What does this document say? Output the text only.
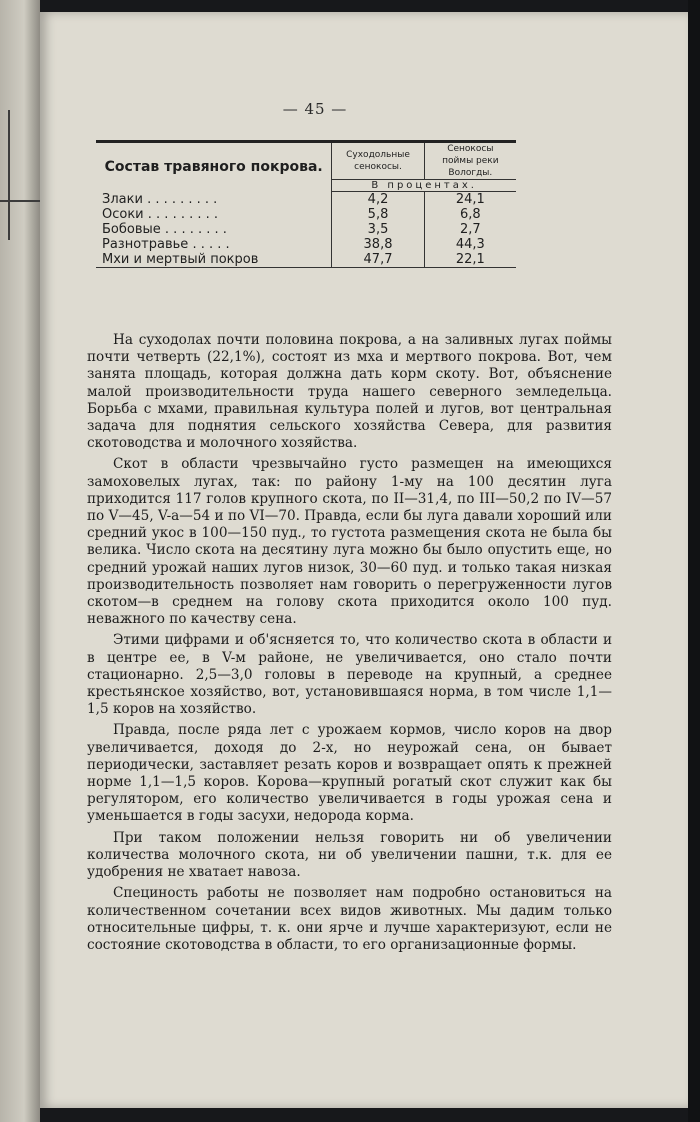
— 45 —
Состав травяного покрова.	Суходольные сенокосы.	Сенокосы поймы реки Вологды.
	В процентах.	
Злаки . . . . . . . . .	4,2	24,1
Осоки . . . . . . . . .	5,8	6,8
Бобовые . . . . . . . .	3,5	2,7
Разнотравье . . . . .	38,8	44,3
Мхи и мертвый покров	47,7	22,1

На суходолах почти половина покрова, а на заливных лугах поймы почти четверть (22,1%), состоят из мха и мертвого покрова. Вот, чем занята площадь, которая должна дать корм скоту. Вот, объяснение малой производительности труда нашего северного земледельца. Борьба с мхами, правильная культура полей и лугов, вот центральная задача для поднятия сельского хозяйства Севера, для развития скотоводства и молочного хозяйства.

Скот в области чрезвычайно густо размещен на имеющихся замоховелых лугах, так: по району 1-му на 100 десятин луга приходится 117 голов крупного скота, по II—31,4, по III—50,2 по IV—57 по V—45, V-а—54 и по VI—70. Правда, если бы луга давали хороший или средний укос в 100—150 пуд., то густота размещения скота не была бы велика. Число скота на десятину луга можно бы было опустить еще, но средний урожай наших лугов низок, 30—60 пуд. и только такая низкая производительность позволяет нам говорить о перегруженности лугов скотом—в среднем на голову скота приходится около 100 пуд. неважного по качеству сена.

Этими цифрами и об'ясняется то, что количество скота в области и в центре ее, в V-м районе, не увеличивается, оно стало почти стационарно. 2,5—3,0 головы в переводе на крупный, а среднее крестьянское хозяйство, вот, установившаяся норма, в том числе 1,1—1,5 коров на хозяйство.

Правда, после ряда лет с урожаем кормов, число коров на двор увеличивается, доходя до 2-х, но неурожай сена, он бывает периодически, заставляет резать коров и возвращает опять к прежней норме 1,1—1,5 коров. Корова—крупный рогатый скот служит как бы регулятором, его количество увеличивается в годы урожая сена и уменьшается в годы засухи, недорода корма.

При таком положении нельзя говорить ни об увеличении количества молочного скота, ни об увеличении пашни, т.к. для ее удобрения не хватает навоза.

Специность работы не позволяет нам подробно остановиться на количественном сочетании всех видов животных. Мы дадим только относительные цифры, т. к. они ярче и лучше характеризуют, если не состояние скотоводства в области, то его организационные формы.
